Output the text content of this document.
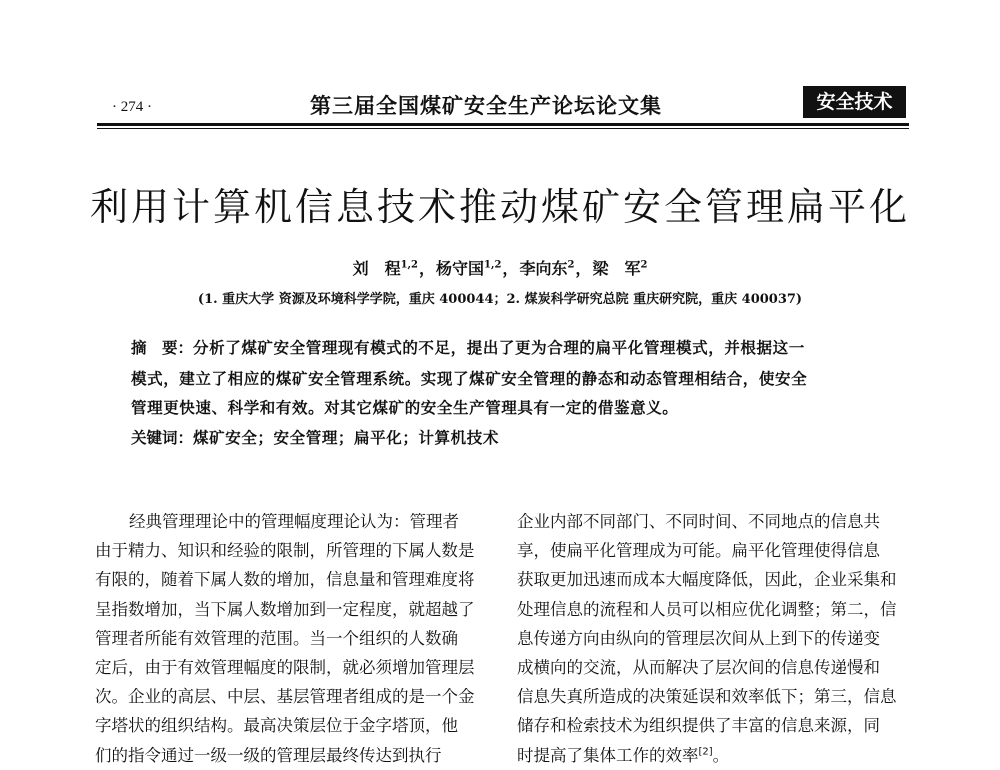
· 274 ·	第三届全国煤矿安全生产论坛论文集	安全技术
利用计算机信息技术推动煤矿安全管理扁平化
刘　程$^{1,2}$，杨守国$^{1,2}$，李向东$^2$，梁　军$^2$
(1. 重庆大学 资源及环境科学学院，重庆 400044；2. 煤炭科学研究总院 重庆研究院，重庆 400037)
摘　要：分析了煤矿安全管理现有模式的不足，提出了更为合理的扁平化管理模式，并根据这一
模式，建立了相应的煤矿安全管理系统。实现了煤矿安全管理的静态和动态管理相结合，使安全
管理更快速、科学和有效。对其它煤矿的安全生产管理具有一定的借鉴意义。
关键词：煤矿安全；安全管理；扁平化；计算机技术
经典管理理论中的管理幅度理论认为：管理者
由于精力、知识和经验的限制，所管理的下属人数是
有限的，随着下属人数的增加，信息量和管理难度将
呈指数增加，当下属人数增加到一定程度，就超越了
管理者所能有效管理的范围。当一个组织的人数确
定后，由于有效管理幅度的限制，就必须增加管理层
次。企业的高层、中层、基层管理者组成的是一个金
字塔状的组织结构。最高决策层位于金字塔顶，他
们的指令通过一级一级的管理层最终传达到执行
企业内部不同部门、不同时间、不同地点的信息共
享，使扁平化管理成为可能。扁平化管理使得信息
获取更加迅速而成本大幅度降低，因此，企业采集和
处理信息的流程和人员可以相应优化调整；第二，信
息传递方向由纵向的管理层次间从上到下的传递变
成横向的交流，从而解决了层次间的信息传递慢和
信息失真所造成的决策延误和效率低下；第三，信息
储存和检索技术为组织提供了丰富的信息来源，同
时提高了集体工作的效率[2]。
